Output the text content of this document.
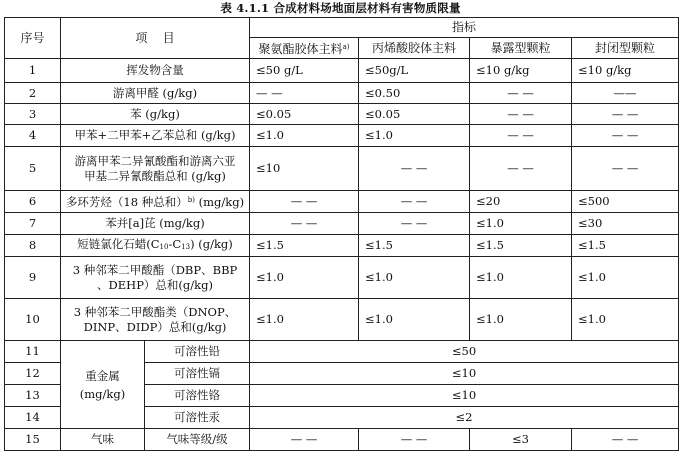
表 4.1.1 合成材料场地面层材料有害物质限量
序号	项    目		指标			
			聚氨酯胶体主料$^{a)}$	丙烯酸胶体主料	暴露型颗粒	封闭型颗粒
1	挥发物含量		≤50 g/L	≤50g/L	≤10 g/kg	≤10 g/kg
2	游离甲醛 (g/kg)		— —	≤0.50	— —	——
3	苯 (g/kg)		≤0.05	≤0.05	— —	— —
4	甲苯+二甲苯+乙苯总和 (g/kg)		≤1.0	≤1.0	— —	— —
5	游离甲苯二异氰酸酯和游离六亚
甲基二异氰酸酯总和 (g/kg)		≤10	— —	— —	— —
6	多环芳烃（18 种总和）$^{b)}$ (mg/kg)		— —	— —	≤20	≤500
7	苯并[a]芘 (mg/kg)		— —	— —	≤1.0	≤30
8	短链氯化石蜡$(C_{10}-C_{13})$ (g/kg)		≤1.5	≤1.5	≤1.5	≤1.5
9	3 种邻苯二甲酸酯（DBP、BBP
、DEHP）总和(g/kg)		≤1.0	≤1.0	≤1.0	≤1.0
10	3 种邻苯二甲酸酯类（DNOP、
DINP、DIDP）总和(g/kg)		≤1.0	≤1.0	≤1.0	≤1.0
11	重金属
(mg/kg)	可溶性铅	≤50			
12		可溶性镉	≤10			
13		可溶性铬	≤10			
14		可溶性汞	≤2			
15	气味	气味等级/级	— —	— —	≤3	— —
